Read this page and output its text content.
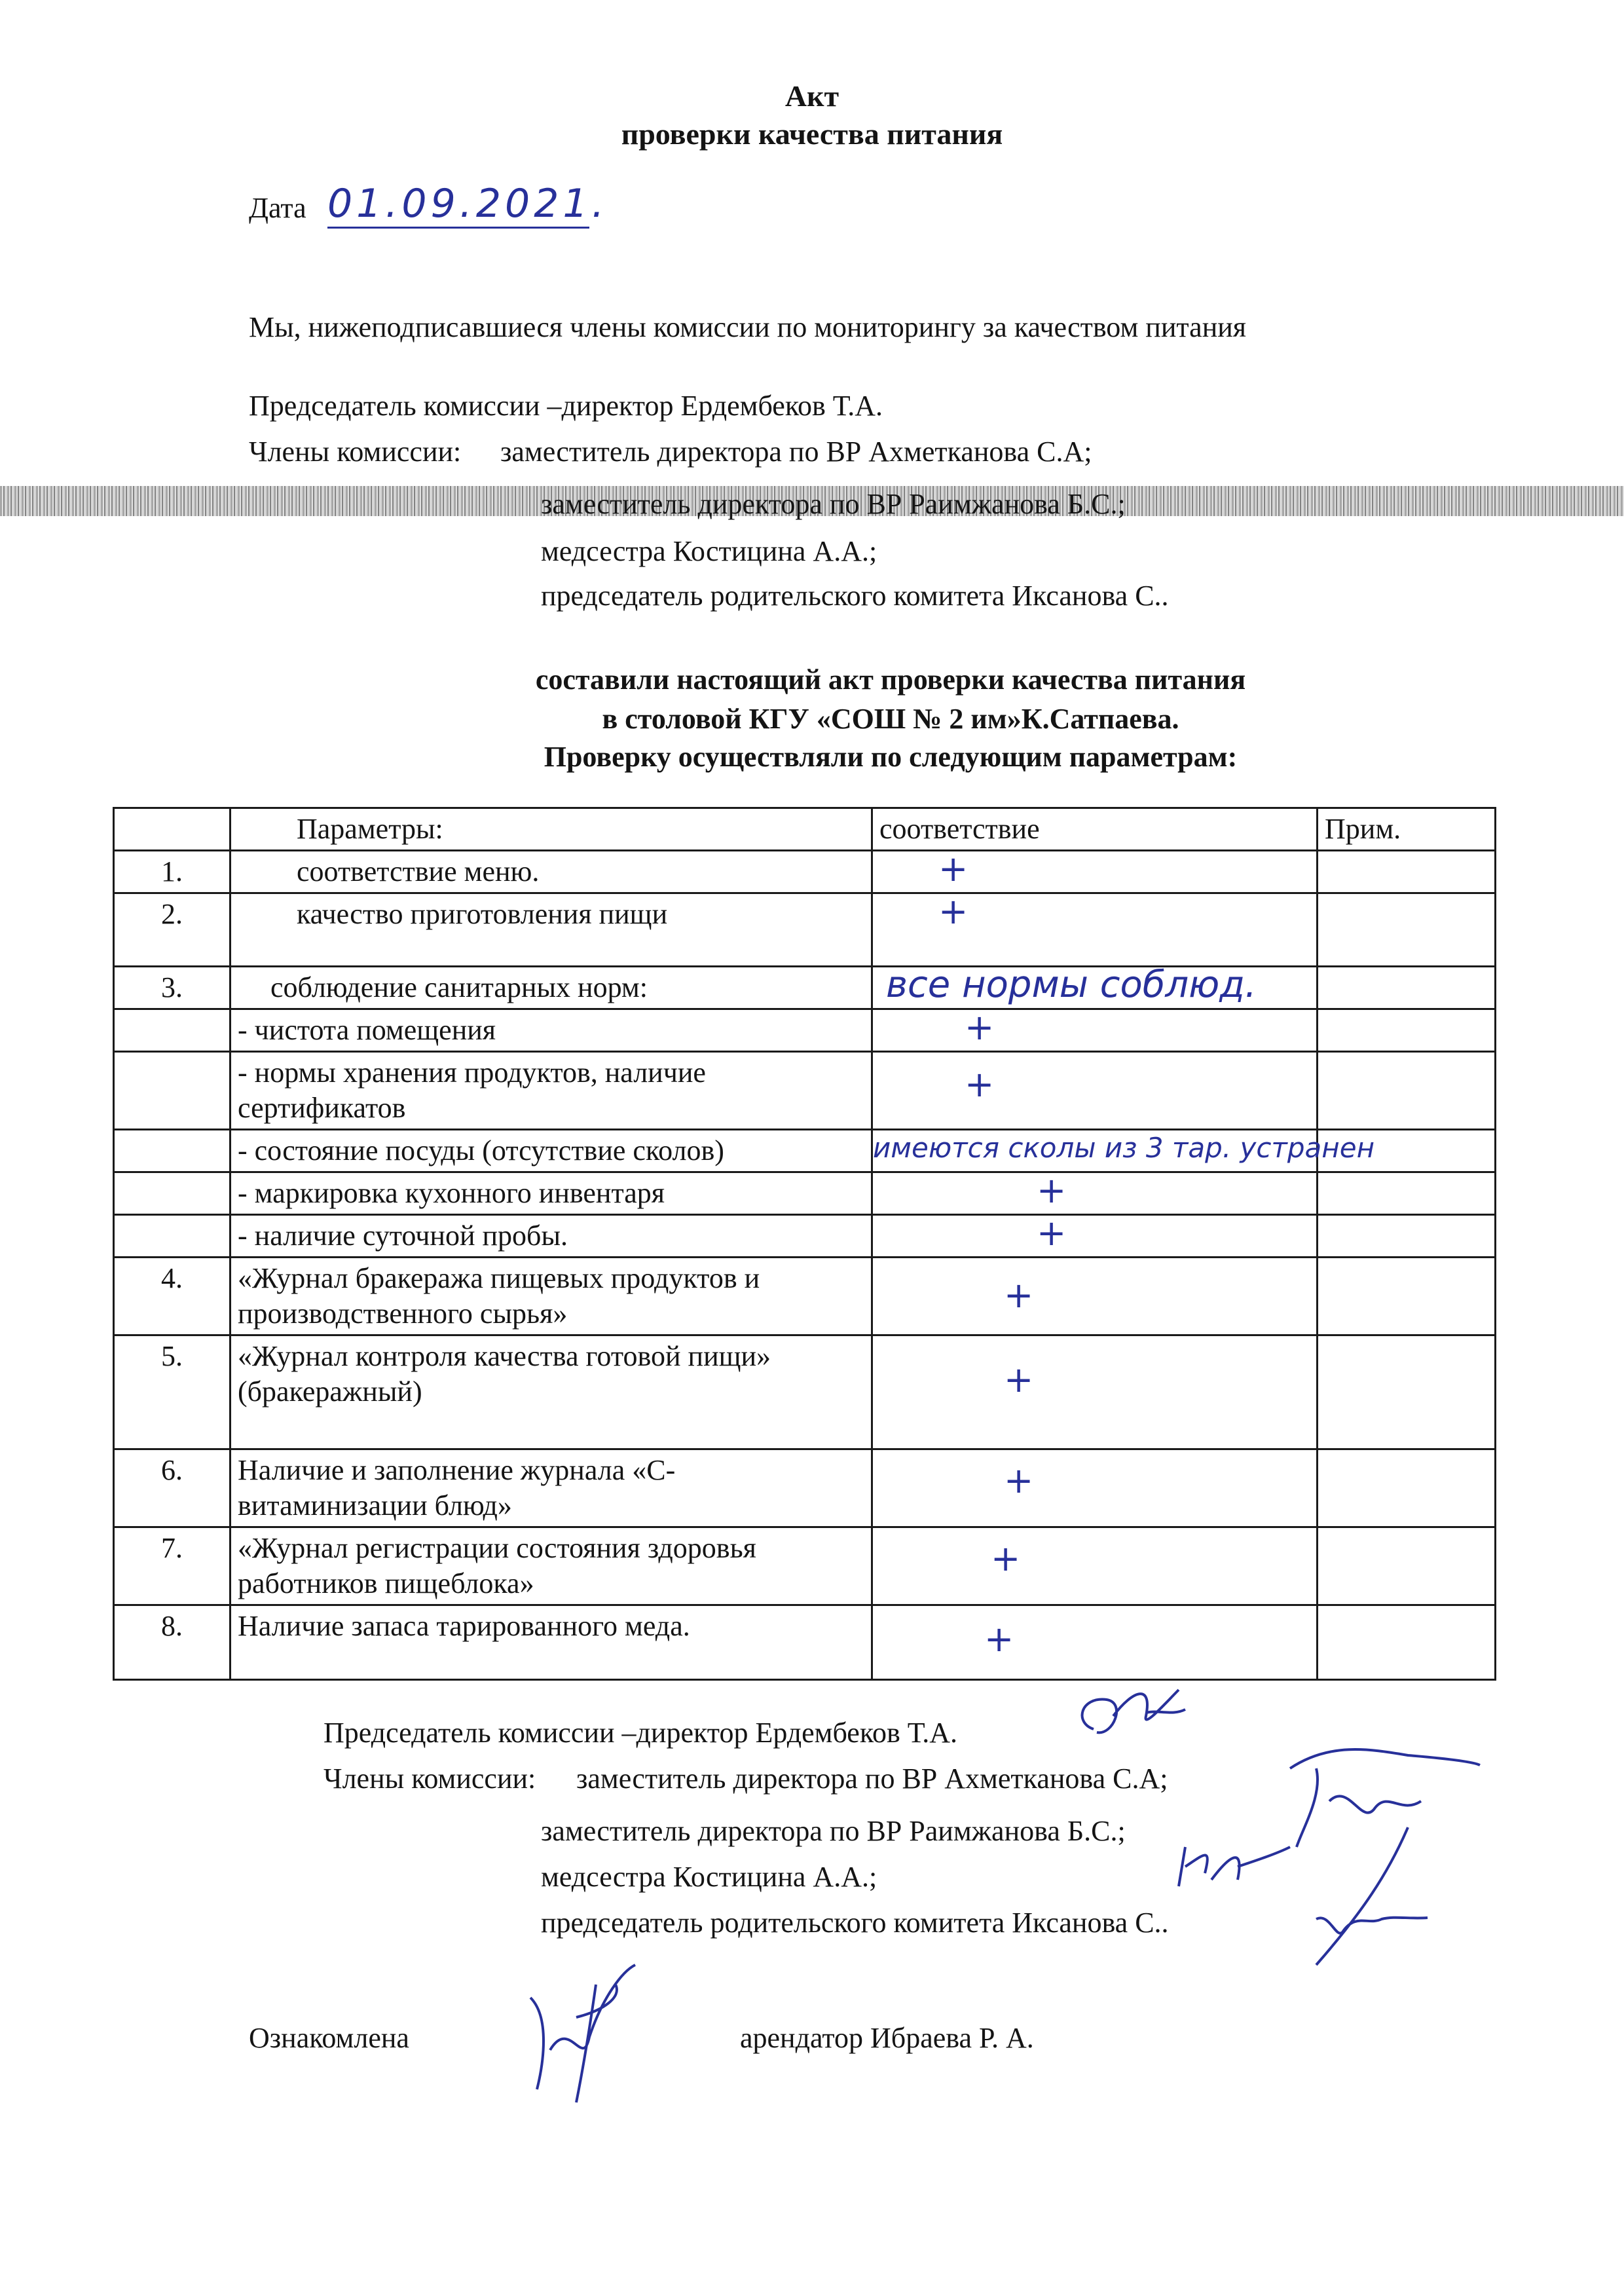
Акт
проверки качества питания
Дата 01.09.2021.
Мы, нижеподписавшиеся члены комиссии по мониторингу за качеством питания
Председатель комиссии –директор Ердембеков Т.А.
Члены комиссии: заместитель директора по ВР Ахметканова С.А;
заместитель директора по ВР Раимжанова Б.С.;
медсестра Костицина А.А.;
председатель родительского комитета Иксанова С..
составили настоящий акт проверки качества питания
в столовой КГУ «СОШ № 2 им»К.Сатпаева.
Проверку осуществляли по следующим параметрам:
	Параметры:	соответствие	Прим.
1.	соответствие меню.	+	

2.	качество приготовления пищи	+	

3.	соблюдение санитарных норм:	все нормы соблюд.	

	- чистота помещения	+	

	- нормы хранения продуктов, наличие сертификатов	+	

	- состояние посуды (отсутствие сколов)	имеются сколы из 3 тар. устранен	

	- маркировка кухонного инвентаря	+	

	- наличие суточной пробы.	+	

4.	«Журнал бракеража пищевых продуктов и производственного сырья»	+	

5.	«Журнал контроля качества готовой пищи» (бракеражный)	+	

6.	Наличие и заполнение журнала «С-витаминизации блюд»	+	

7.	«Журнал регистрации состояния здоровья работников пищеблока»	+	

8.	Наличие запаса тарированного меда.	+	

Председатель комиссии –директор Ердембеков Т.А.
Члены комиссии: заместитель директора по ВР Ахметканова С.А;
заместитель директора по ВР Раимжанова Б.С.;
медсестра Костицина А.А.;
председатель родительского комитета Иксанова С..
Ознакомлена	арендатор Ибраева Р. А.
